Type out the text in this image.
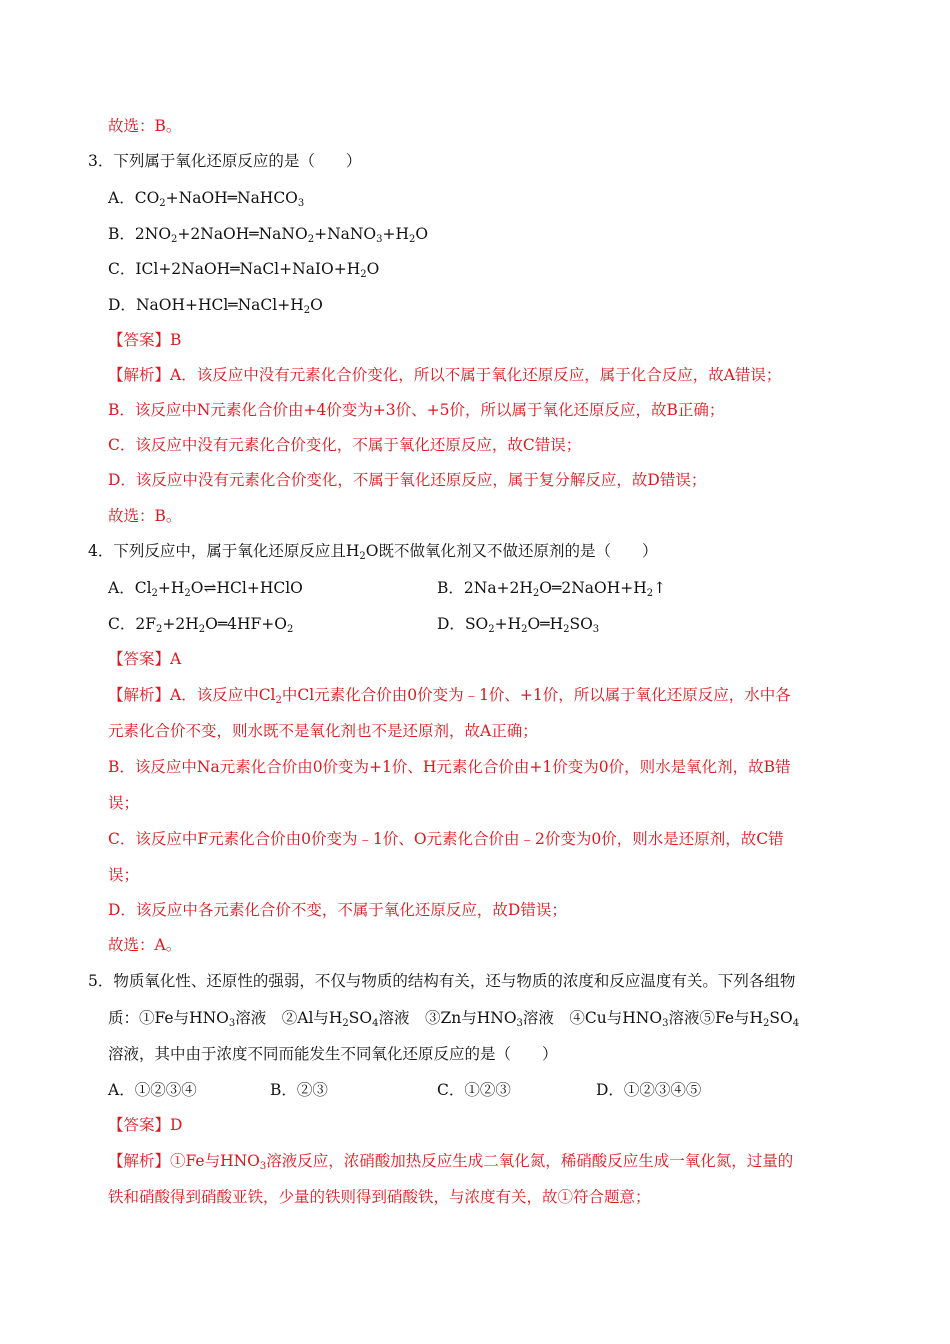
故选：B。
3．下列属于氧化还原反应的是（　　）
A．$CO_2+NaOH═NaHCO_3$
B．$2NO_2+2NaOH═NaNO_2+NaNO_3+H_2O$
C．$ICl+2NaOH═NaCl+NaIO+H_2O$
D．$NaOH+HCl═NaCl+H_2O$
【答案】B
【解析】A．该反应中没有元素化合价变化，所以不属于氧化还原反应，属于化合反应，故A错误；
B．该反应中N元素化合价由+4价变为+3价、+5价，所以属于氧化还原反应，故B正确；
C．该反应中没有元素化合价变化，不属于氧化还原反应，故C错误；
D．该反应中没有元素化合价变化，不属于氧化还原反应，属于复分解反应，故D错误；
故选：B。
4．下列反应中，属于氧化还原反应且$H_2O$既不做氧化剂又不做还原剂的是（　　）
A．$Cl_2+H_2O\rightleftharpoons HCl+HClO$	B．$2Na+2H_2O═2NaOH+H_2↑$
C．$2F_2+2H_2O═4HF+O_2$	D．$SO_2+H_2O═H_2SO_3$
【答案】A
【解析】A．该反应中$Cl_2$中Cl元素化合价由0价变为﹣1价、+1价，所以属于氧化还原反应，水中各
元素化合价不变，则水既不是氧化剂也不是还原剂，故A正确；
B．该反应中Na元素化合价由0价变为+1价、H元素化合价由+1价变为0价，则水是氧化剂，故B错
误；
C．该反应中F元素化合价由0价变为﹣1价、O元素化合价由﹣2价变为0价，则水是还原剂，故C错
误；
D．该反应中各元素化合价不变，不属于氧化还原反应，故D错误；
故选：A。
5．物质氧化性、还原性的强弱，不仅与物质的结构有关，还与物质的浓度和反应温度有关。下列各组物
质：①Fe与$HNO_3$溶液　②Al与$H_2SO_4$溶液　③Zn与$HNO_3$溶液　④Cu与$HNO_3$溶液⑤Fe与$H_2SO_4$
溶液，其中由于浓度不同而能发生不同氧化还原反应的是（　　）
A．①②③④	B．②③	C．①②③	D．①②③④⑤
【答案】D
【解析】①Fe与$HNO_3$溶液反应，浓硝酸加热反应生成二氧化氮，稀硝酸反应生成一氧化氮，过量的
铁和硝酸得到硝酸亚铁，少量的铁则得到硝酸铁，与浓度有关，故①符合题意；
